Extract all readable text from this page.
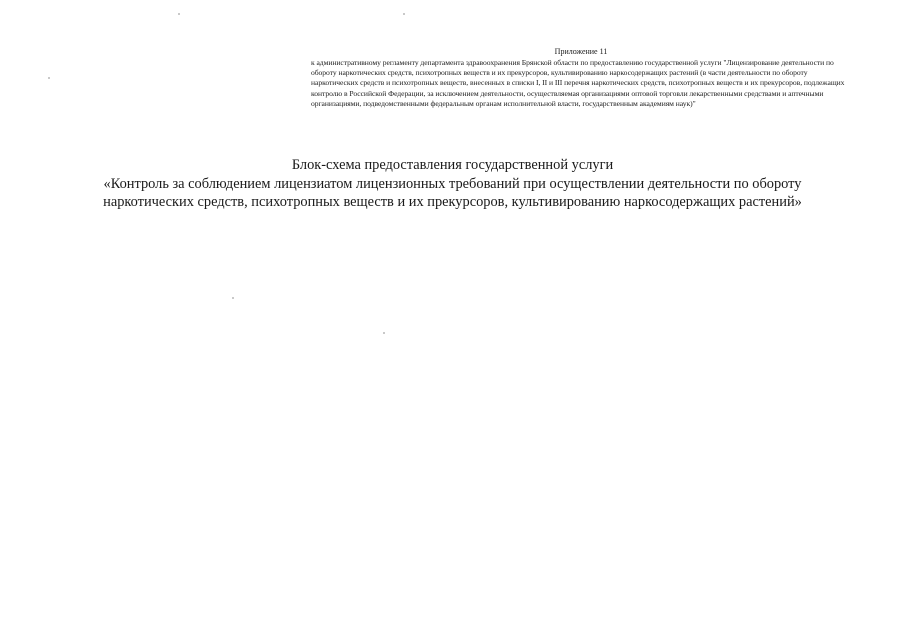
Приложение 11
к административному регламенту департамента здравоохранения Брянской области по предоставлению государственной услуги "Лицензирование деятельности по обороту наркотических средств, психотропных веществ и их прекурсоров, культивированию наркосодержащих растений (в части деятельности по обороту наркотических средств и психотропных веществ, внесенных в списки I, II и III перечня наркотических средств, психотропных веществ и их прекурсоров, подлежащих контролю в Российской Федерации, за исключением деятельности, осуществляемая организациями оптовой торговли лекарственными средствами и аптечными организациями, подведомственными федеральным органам исполнительной власти, государственным академиям наук)"
Блок-схема предоставления государственной услуги
«Контроль за соблюдением лицензиатом лицензионных требований при осуществлении деятельности по обороту
наркотических средств, психотропных веществ и их прекурсоров, культивированию наркосодержащих растений»
